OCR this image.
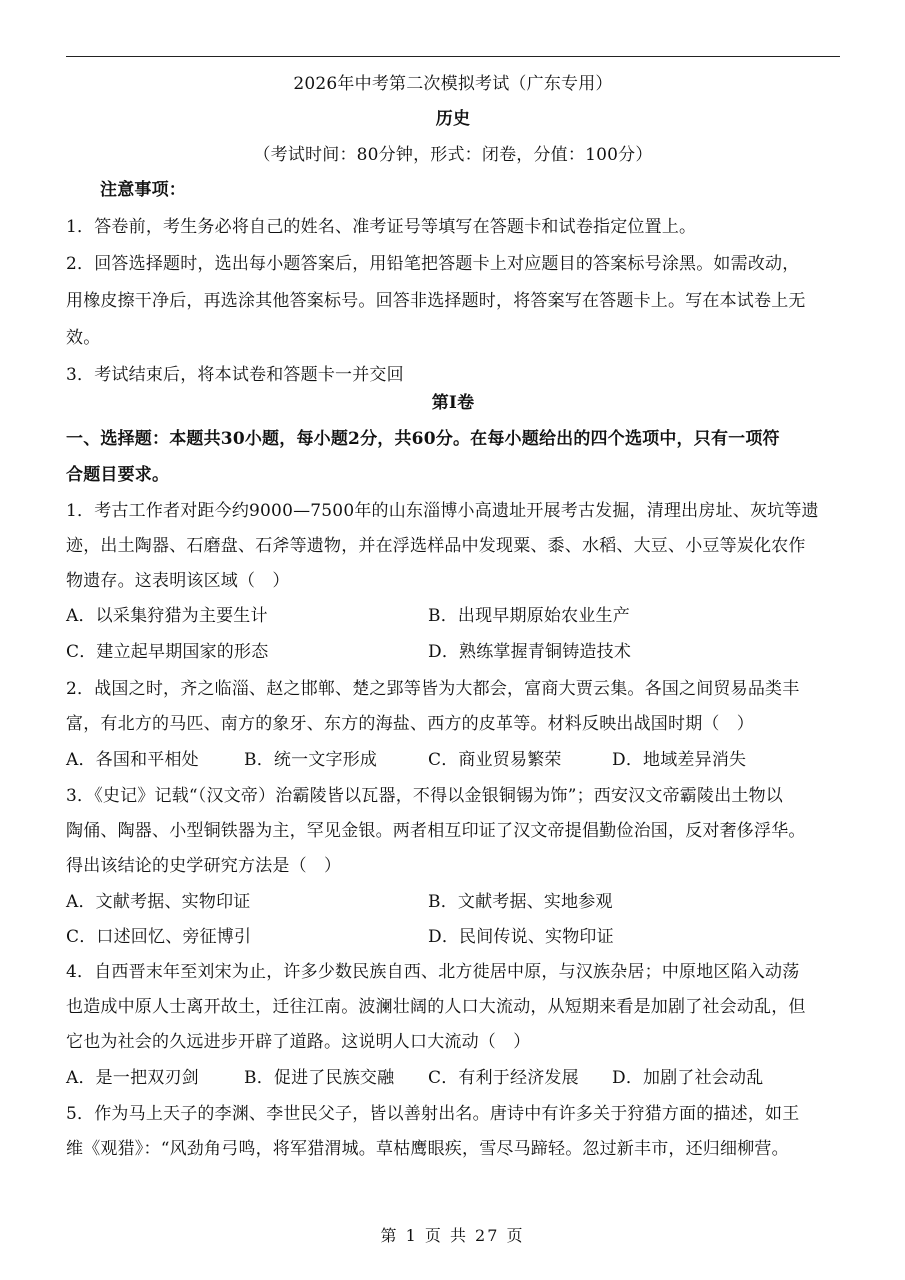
2026年中考第二次模拟考试（广东专用）
历史
（考试时间：80分钟，形式：闭卷，分值：100分）
注意事项：
1．答卷前，考生务必将自己的姓名、准考证号等填写在答题卡和试卷指定位置上。
2．回答选择题时，选出每小题答案后，用铅笔把答题卡上对应题目的答案标号涂黑。如需改动，
用橡皮擦干净后，再选涂其他答案标号。回答非选择题时，将答案写在答题卡上。写在本试卷上无
效。
3．考试结束后，将本试卷和答题卡一并交回
第Ⅰ卷
一、选择题：本题共30小题，每小题2分，共60分。在每小题给出的四个选项中，只有一项符
合题目要求。
1．考古工作者对距今约9000—7500年的山东淄博小高遗址开展考古发掘，清理出房址、灰坑等遗
迹，出土陶器、石磨盘、石斧等遗物，并在浮选样品中发现粟、黍、水稻、大豆、小豆等炭化农作
物遗存。这表明该区域（　）
A．以采集狩猎为主要生计	B．出现早期原始农业生产
C．建立起早期国家的形态	D．熟练掌握青铜铸造技术
2．战国之时，齐之临淄、赵之邯郸、楚之郢等皆为大都会，富商大贾云集。各国之间贸易品类丰
富，有北方的马匹、南方的象牙、东方的海盐、西方的皮革等。材料反映出战国时期（　）
A．各国和平相处	B．统一文字形成	C．商业贸易繁荣	D．地域差异消失
3．《史记》记载“（汉文帝）治霸陵皆以瓦器，不得以金银铜锡为饰”；西安汉文帝霸陵出土物以
陶俑、陶器、小型铜铁器为主，罕见金银。两者相互印证了汉文帝提倡勤俭治国，反对奢侈浮华。
得出该结论的史学研究方法是（　）
A．文献考据、实物印证	B．文献考据、实地参观
C．口述回忆、旁征博引	D．民间传说、实物印证
4．自西晋末年至刘宋为止，许多少数民族自西、北方徙居中原，与汉族杂居；中原地区陷入动荡
也造成中原人士离开故土，迁往江南。波澜壮阔的人口大流动，从短期来看是加剧了社会动乱，但
它也为社会的久远进步开辟了道路。这说明人口大流动（　）
A．是一把双刃剑	B．促进了民族交融 C．有利于经济发展 D．加剧了社会动乱
5．作为马上天子的李渊、李世民父子，皆以善射出名。唐诗中有许多关于狩猎方面的描述，如王
维《观猎》：“风劲角弓鸣，将军猎渭城。草枯鹰眼疾，雪尽马蹄轻。忽过新丰市，还归细柳营。
第 1 页 共 27 页
